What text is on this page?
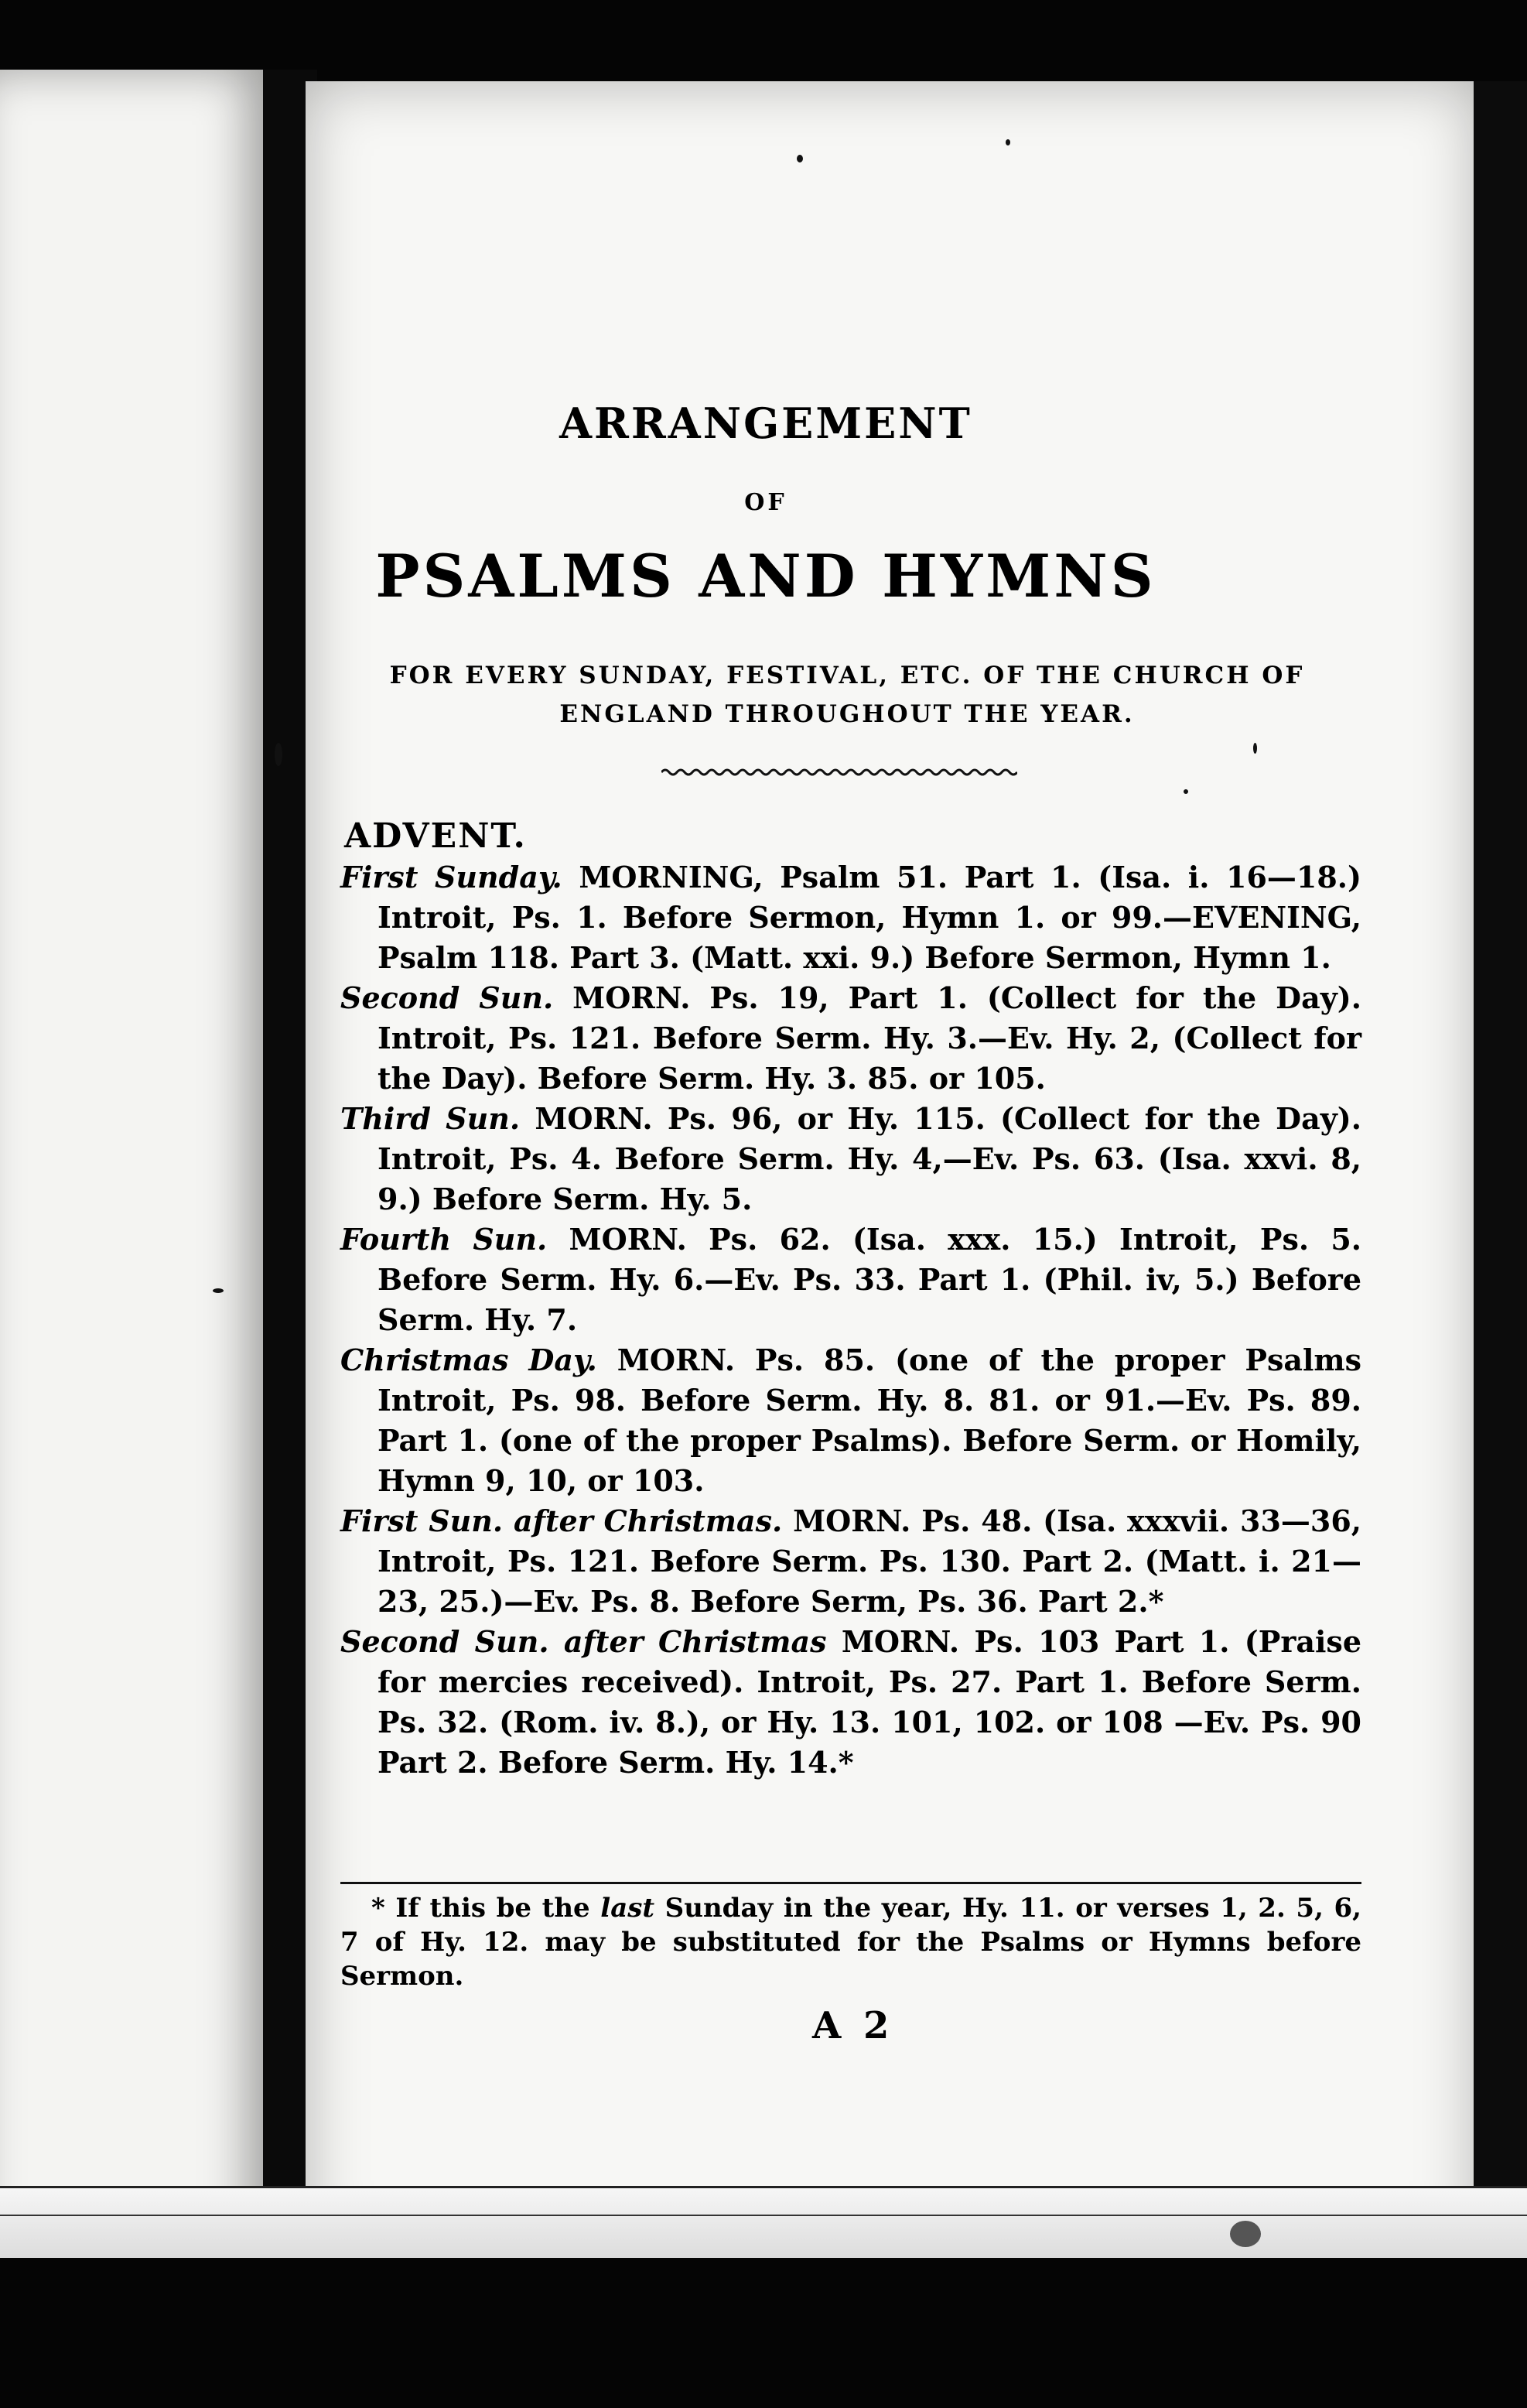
ARRANGEMENT
OF
PSALMS AND HYMNS
FOR EVERY SUNDAY, FESTIVAL, ETC. OF THE CHURCH OF
ENGLAND THROUGHOUT THE YEAR.
ADVENT.

First Sunday. MORNING, Psalm 51. Part 1. (Isa. i. 16—18.) Introit, Ps. 1. Before Sermon, Hymn 1. or 99.—EVENING, Psalm 118. Part 3. (Matt. xxi. 9.) Before Sermon, Hymn 1.

Second Sun. MORN. Ps. 19, Part 1. (Collect for the Day). Introit, Ps. 121. Before Serm. Hy. 3.—Ev. Hy. 2, (Collect for the Day). Before Serm. Hy. 3. 85. or 105.

Third Sun. MORN. Ps. 96, or Hy. 115. (Collect for the Day). Introit, Ps. 4. Before Serm. Hy. 4,—Ev. Ps. 63. (Isa. xxvi. 8, 9.) Before Serm. Hy. 5.

Fourth Sun. MORN. Ps. 62. (Isa. xxx. 15.) Introit, Ps. 5. Before Serm. Hy. 6.—Ev. Ps. 33. Part 1. (Phil. iv, 5.) Before Serm. Hy. 7.

Christmas Day. MORN. Ps. 85. (one of the proper Psalms Introit, Ps. 98. Before Serm. Hy. 8. 81. or 91.—Ev. Ps. 89. Part 1. (one of the proper Psalms). Before Serm. or Homily, Hymn 9, 10, or 103.

First Sun. after Christmas. MORN. Ps. 48. (Isa. xxxvii. 33—36, Introit, Ps. 121. Before Serm. Ps. 130. Part 2. (Matt. i. 21—23, 25.)—Ev. Ps. 8. Before Serm, Ps. 36. Part 2.*

Second Sun. after Christmas MORN. Ps. 103 Part 1. (Praise for mercies received). Introit, Ps. 27. Part 1. Before Serm. Ps. 32. (Rom. iv. 8.), or Hy. 13. 101, 102. or 108 —Ev. Ps. 90 Part 2. Before Serm. Hy. 14.*

* If this be the last Sunday in the year, Hy. 11. or verses 1, 2. 5, 6, 7 of Hy. 12. may be substituted for the Psalms or Hymns before Sermon.
A 2
